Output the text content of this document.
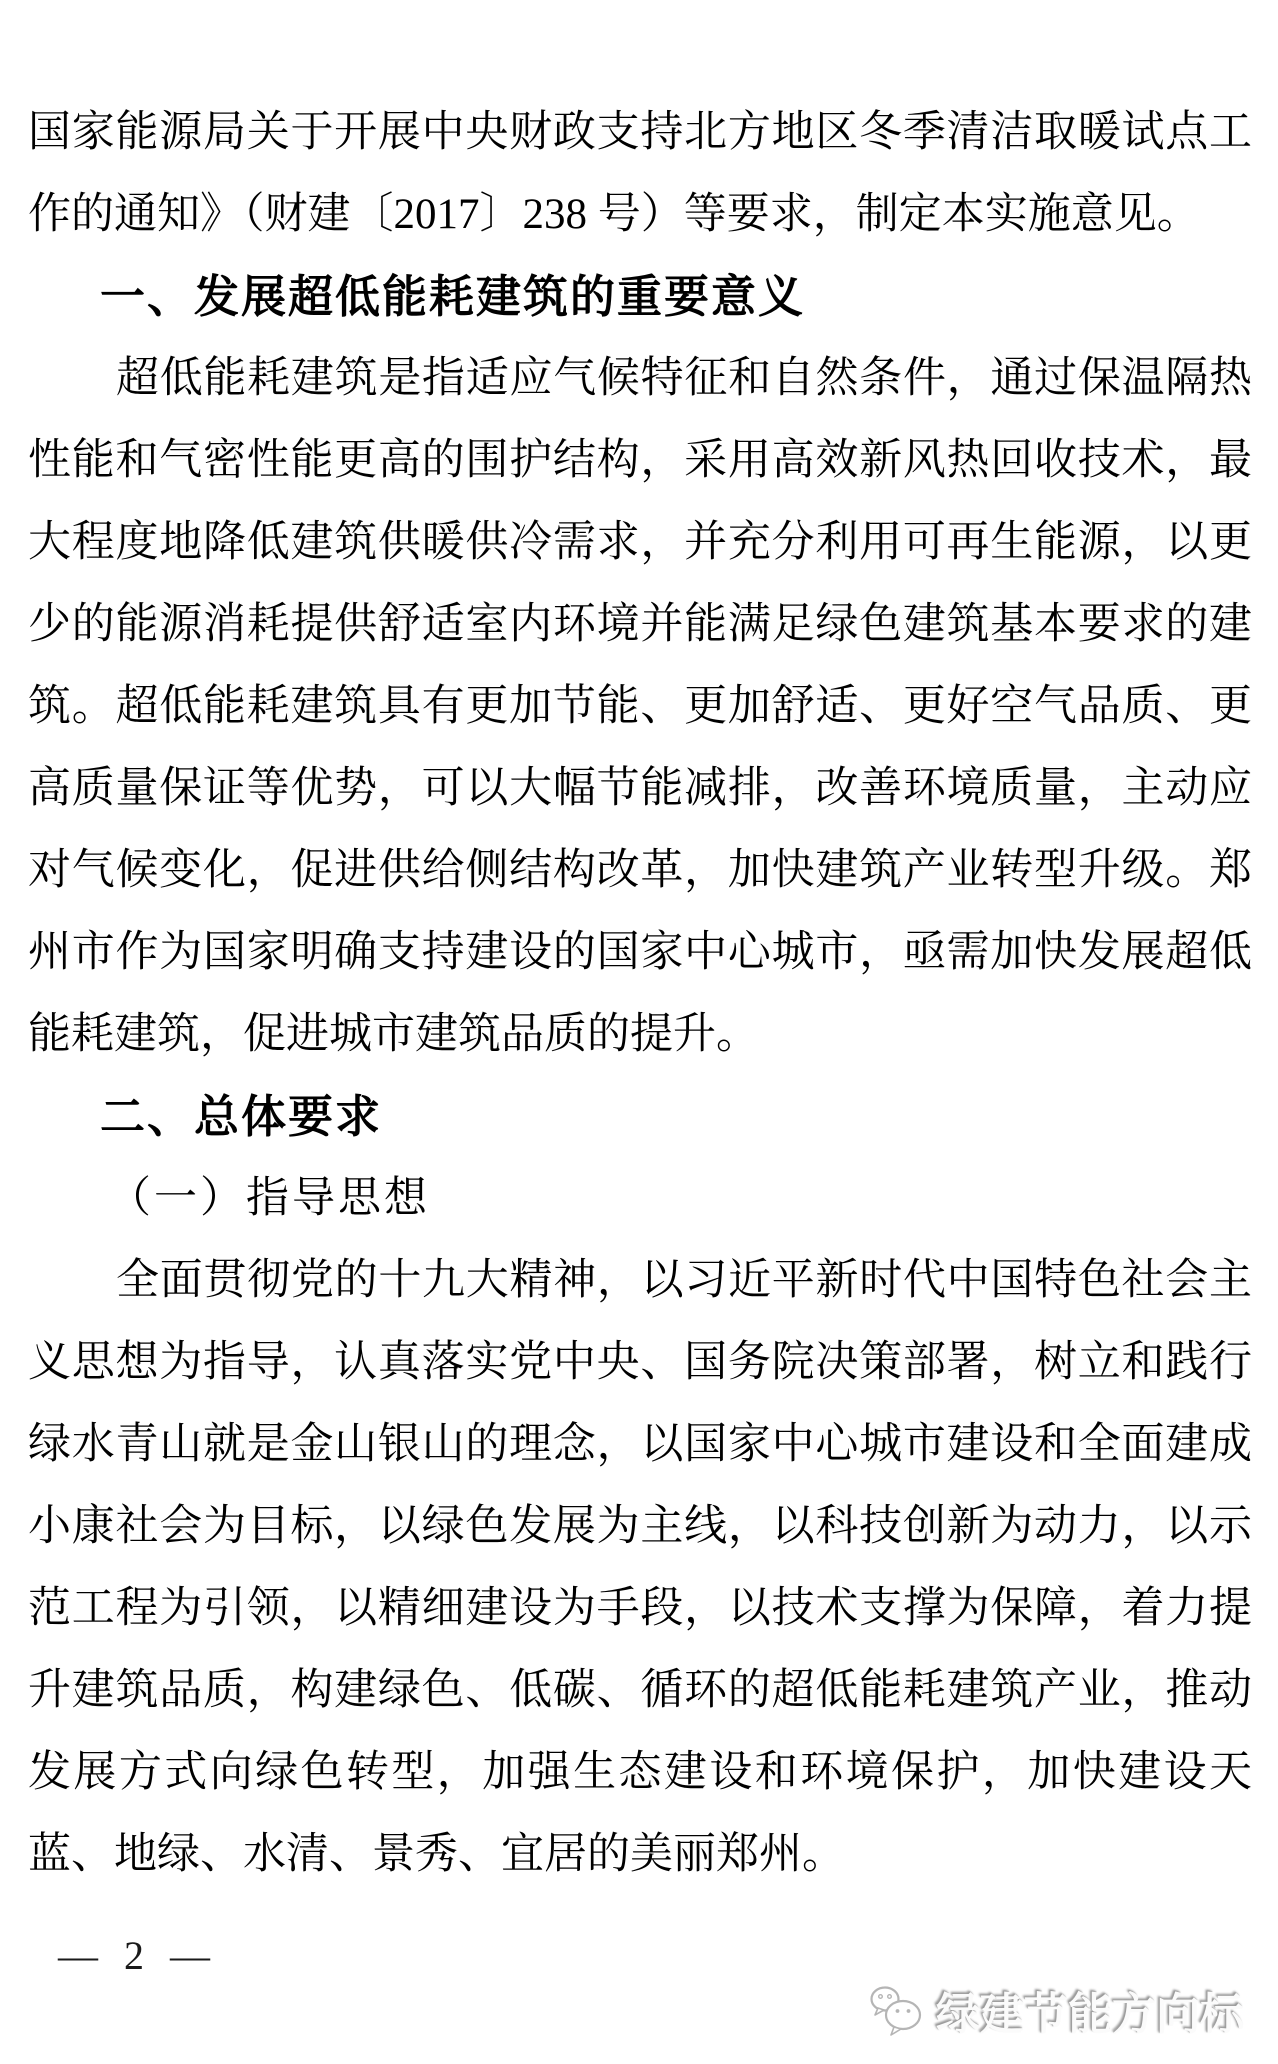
国家能源局关于开展中央财政支持北方地区冬季清洁取暖试点工
作的通知》（财建〔2017〕238 号）等要求，制定本实施意见。
一、发展超低能耗建筑的重要意义
超低能耗建筑是指适应气候特征和自然条件，通过保温隔热
性能和气密性能更高的围护结构，采用高效新风热回收技术，最
大程度地降低建筑供暖供冷需求，并充分利用可再生能源，以更
少的能源消耗提供舒适室内环境并能满足绿色建筑基本要求的建
筑。超低能耗建筑具有更加节能、更加舒适、更好空气品质、更
高质量保证等优势，可以大幅节能减排，改善环境质量，主动应
对气候变化，促进供给侧结构改革，加快建筑产业转型升级。郑
州市作为国家明确支持建设的国家中心城市，亟需加快发展超低
能耗建筑，促进城市建筑品质的提升。
二、总体要求
（一）指导思想
全面贯彻党的十九大精神，以习近平新时代中国特色社会主
义思想为指导，认真落实党中央、国务院决策部署，树立和践行
绿水青山就是金山银山的理念，以国家中心城市建设和全面建成
小康社会为目标，以绿色发展为主线，以科技创新为动力，以示
范工程为引领，以精细建设为手段，以技术支撑为保障，着力提
升建筑品质，构建绿色、低碳、循环的超低能耗建筑产业，推动
发展方式向绿色转型，加强生态建设和环境保护，加快建设天
蓝、地绿、水清、景秀、宜居的美丽郑州。
— 2 —
绿建节能方向标
